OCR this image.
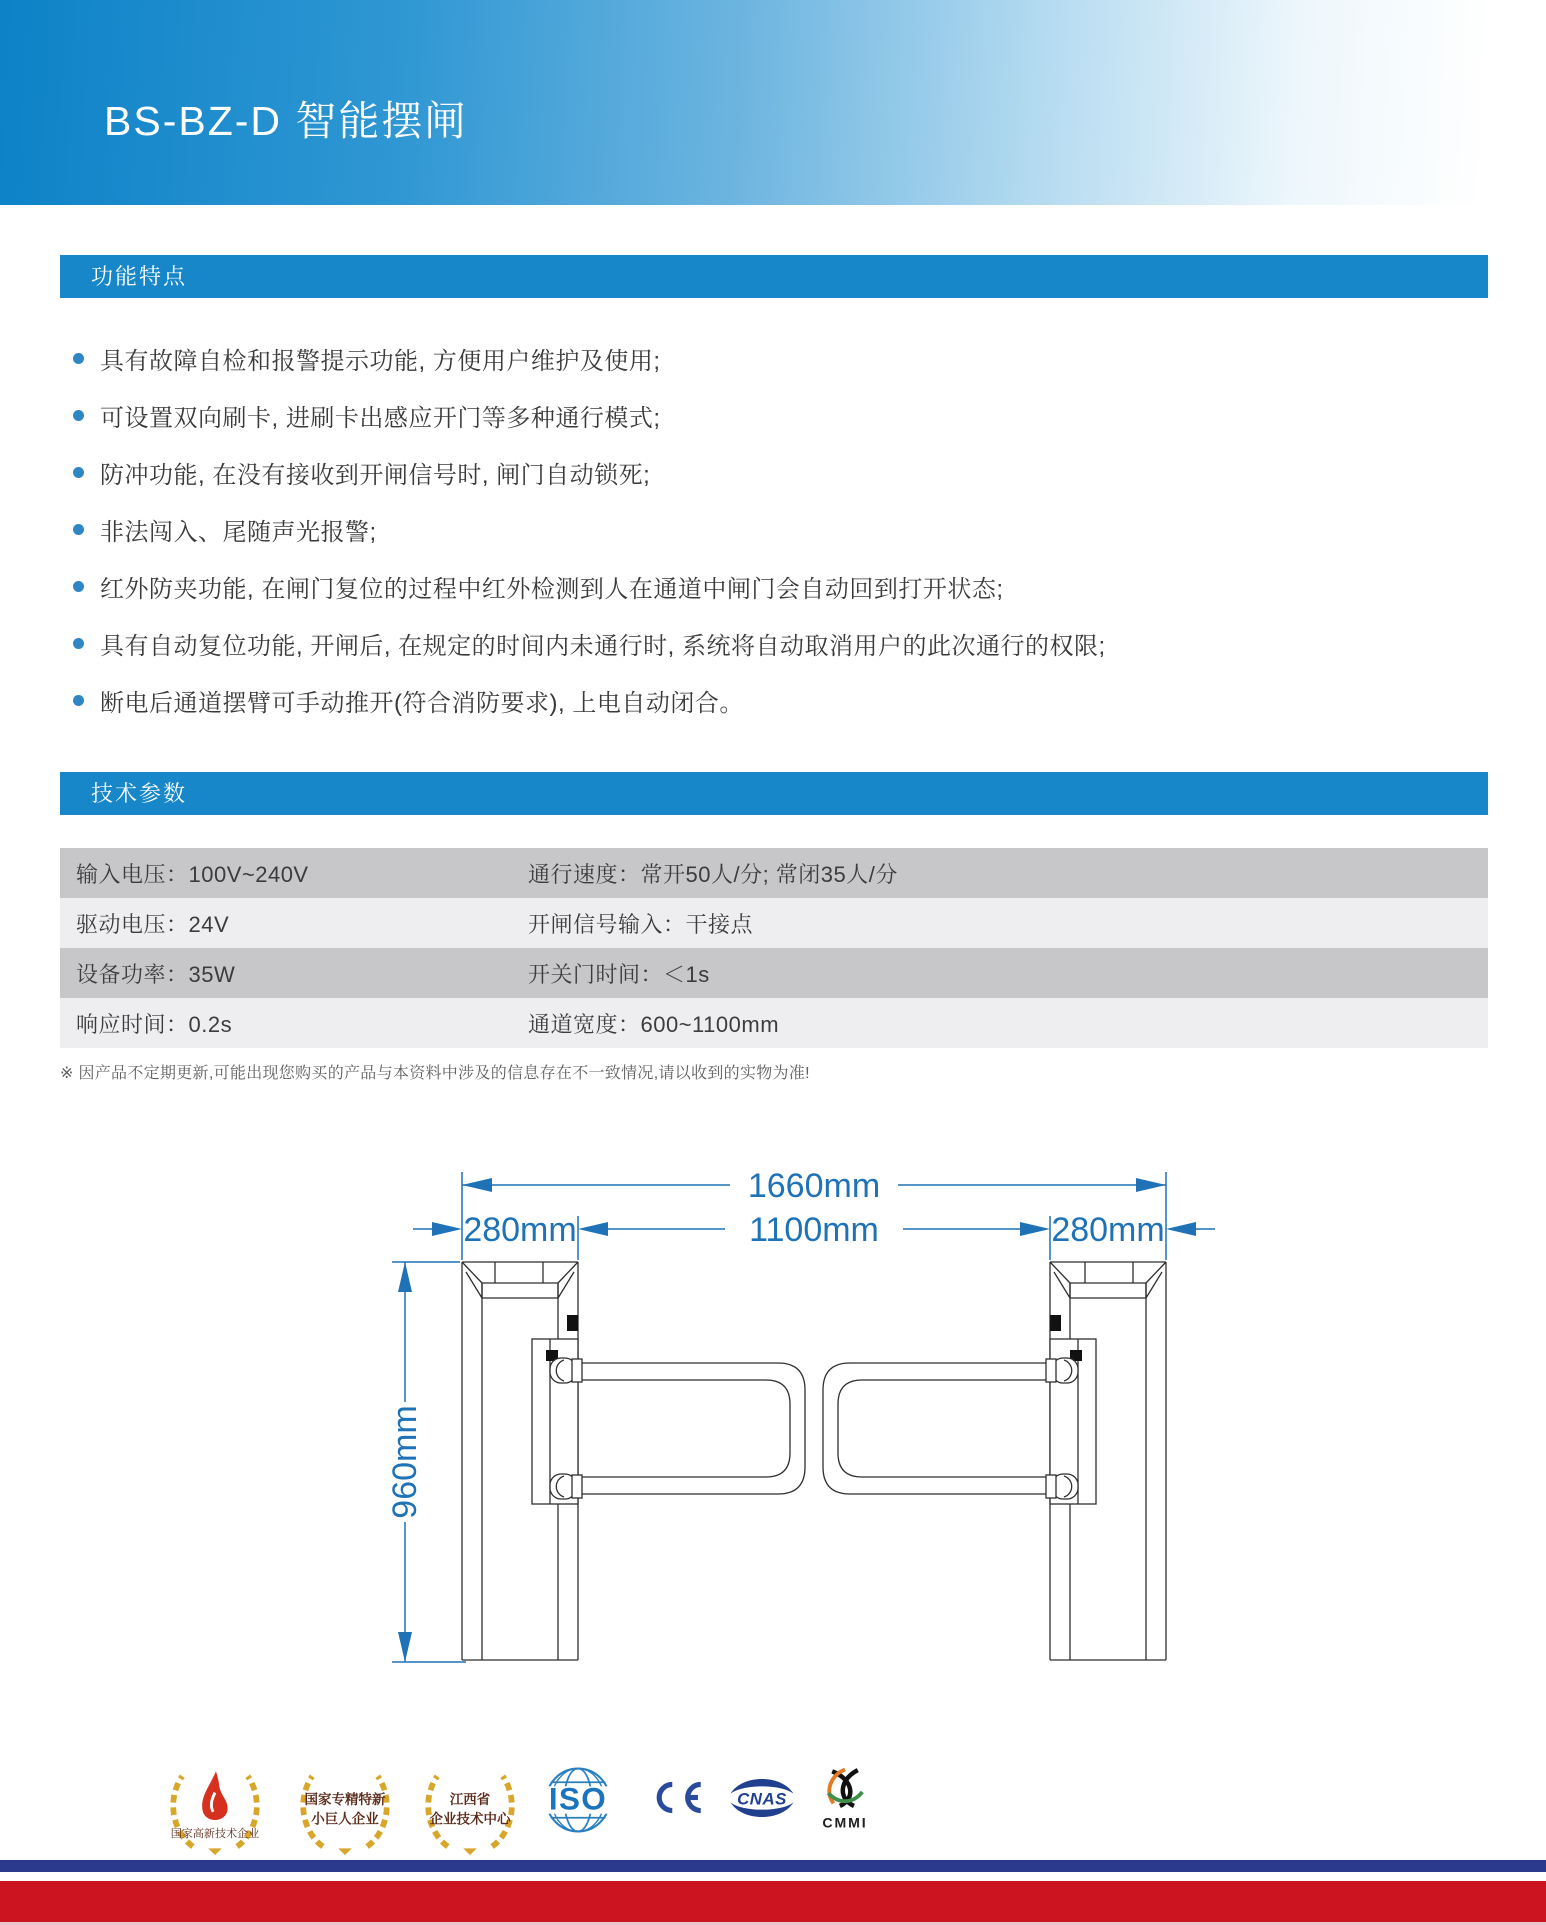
BS-BZ-D 智能摆闸
功能特点
具有故障自检和报警提示功能, 方便用户维护及使用;
可设置双向刷卡, 进刷卡出感应开门等多种通行模式;
防冲功能, 在没有接收到开闸信号时, 闸门自动锁死;
非法闯入、尾随声光报警;
红外防夹功能, 在闸门复位的过程中红外检测到人在通道中闸门会自动回到打开状态;
具有自动复位功能, 开闸后, 在规定的时间内未通行时, 系统将自动取消用户的此次通行的权限;
断电后通道摆臂可手动推开(符合消防要求), 上电自动闭合。
技术参数
输入电压：100V~240V	通行速度：常开50人/分; 常闭35人/分
驱动电压：24V	开闸信号输入：干接点
设备功率：35W	开关门时间：＜1s
响应时间：0.2s	通道宽度：600~1100mm
※ 因产品不定期更新,可能出现您购买的产品与本资料中涉及的信息存在不一致情况,请以收到的实物为准!
1660mm
280mm	1100mm	280mm
960mm
国家高新技术企业
国家专精特新
小巨人企业
江西省
企业技术中心
ISO	CNAS
CMMI
